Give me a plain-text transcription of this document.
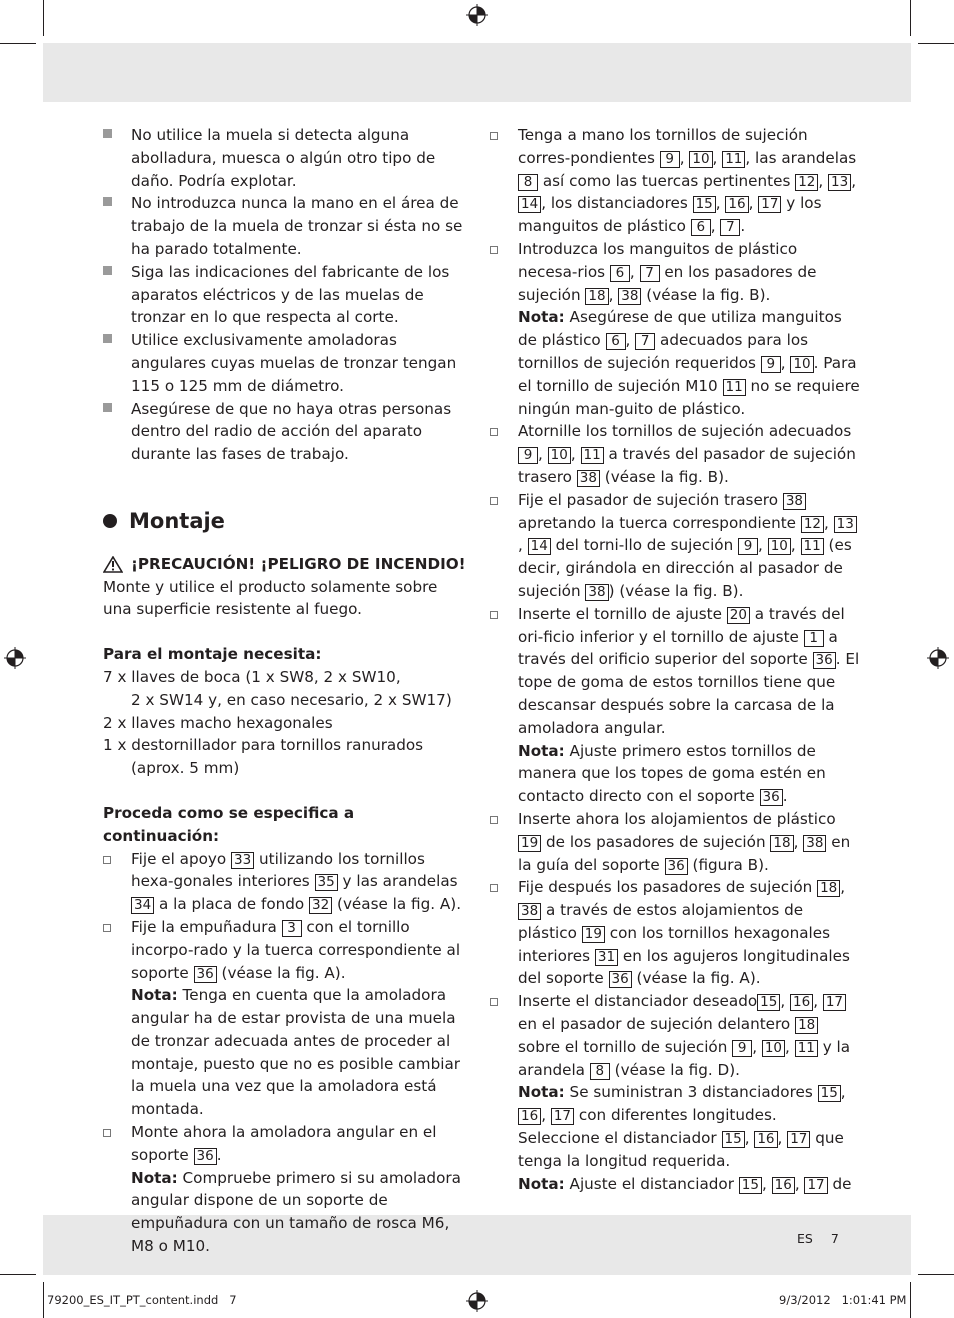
No utilice la muela si detecta alguna abolladura, muesca o algún otro tipo de daño. Podría explotar.
No introduzca nunca la mano en el área de trabajo de la muela de tronzar si ésta no se ha parado totalmente.
Siga las indicaciones del fabricante de los aparatos eléctricos y de las muelas de tronzar en lo que respecta al corte.
Utilice exclusivamente amoladoras angulares cuyas muelas de tronzar tengan 115 o 125 mm de diámetro.
Asegúrese de que no haya otras personas dentro del radio de acción del aparato durante las fases de trabajo.
Montaje
¡PRECAUCIÓN! ¡PELIGRO DE INCENDIO!
Monte y utilice el producto solamente sobre una superficie resistente al fuego.
Para el montaje necesita:
7 x llaves de boca (1 x SW8, 2 x SW10,
2 x SW14 y, en caso necesario, 2 x SW17)
2 x llaves macho hexagonales
1 x destornillador para tornillos ranurados
(aprox. 5 mm)
Proceda como se especifica a continuación:
Fije el apoyo 33 utilizando los tornillos hexa-gonales interiores 35 y las arandelas 34 a la placa de fondo 32 (véase la fig. A).
Fije la empuñadura 3 con el tornillo incorpo-rado y la tuerca correspondiente al soporte 36 (véase la fig. A).
Nota: Tenga en cuenta que la amoladora angular ha de estar provista de una muela de tronzar adecuada antes de proceder al montaje, puesto que no es posible cambiar la muela una vez que la amoladora está montada.
Monte ahora la amoladora angular en el soporte 36 .
Nota: Compruebe primero si su amoladora angular dispone de un soporte de empuñadura con un tamaño de rosca M6, M8 o M10.
Tenga a mano los tornillos de sujeción corres-pondientes 9 , 10 , 11 , las arandelas 8 así como las tuercas pertinentes 12 , 13 , 14 , los distanciadores 15 , 16 , 17 y los manguitos de plástico 6 , 7 .
Introduzca los manguitos de plástico necesa-rios 6 , 7 en los pasadores de sujeción 18 , 38 (véase la fig. B).
Nota: Asegúrese de que utiliza manguitos de plástico 6 , 7 adecuados para los tornillos de sujeción requeridos 9 , 10 . Para el tornillo de sujeción M10 11 no se requiere ningún man-guito de plástico.
Atornille los tornillos de sujeción adecuados 9 , 10 , 11 a través del pasador de sujeción trasero 38 (véase la fig. B).
Fije el pasador de sujeción trasero 38 apretando la tuerca correspondiente 12 , 13, 14 del torni-llo de sujeción 9 , 10 , 11 (es decir, girándola en dirección al pasador de sujeción 38 ) (véase la fig. B).
Inserte el tornillo de ajuste 20 a través del ori-ficio inferior y el tornillo de ajuste 1 a través del orificio superior del soporte 36 . El tope de goma de estos tornillos tiene que descansar después sobre la carcasa de la amoladora angular.
Nota: Ajuste primero estos tornillos de manera que los topes de goma estén en contacto directo con el soporte 36 .
Inserte ahora los alojamientos de plástico 19 de los pasadores de sujeción 18 , 38 en la guía del soporte 36 (figura B).
Fije después los pasadores de sujeción 18 , 38 a través de estos alojamientos de plástico 19 con los tornillos hexagonales interiores 31 en los agujeros longitudinales del soporte 36 (véase la fig. A).
Inserte el distanciador deseado 15 , 16 , 17 en el pasador de sujeción delantero 18 sobre el tornillo de sujeción 9 , 10 , 11 y la arandela 8 (véase la fig. D).
Nota: Se suministran 3 distanciadores 15 , 16 , 17 con diferentes longitudes. Seleccione el distanciador 15 , 16 , 17 que tenga la longitud requerida.
Nota: Ajuste el distanciador 15 , 16 , 17 de
ES 7
79200_ES_IT_PT_content.indd   7	9/3/2012   1:01:41 PM
